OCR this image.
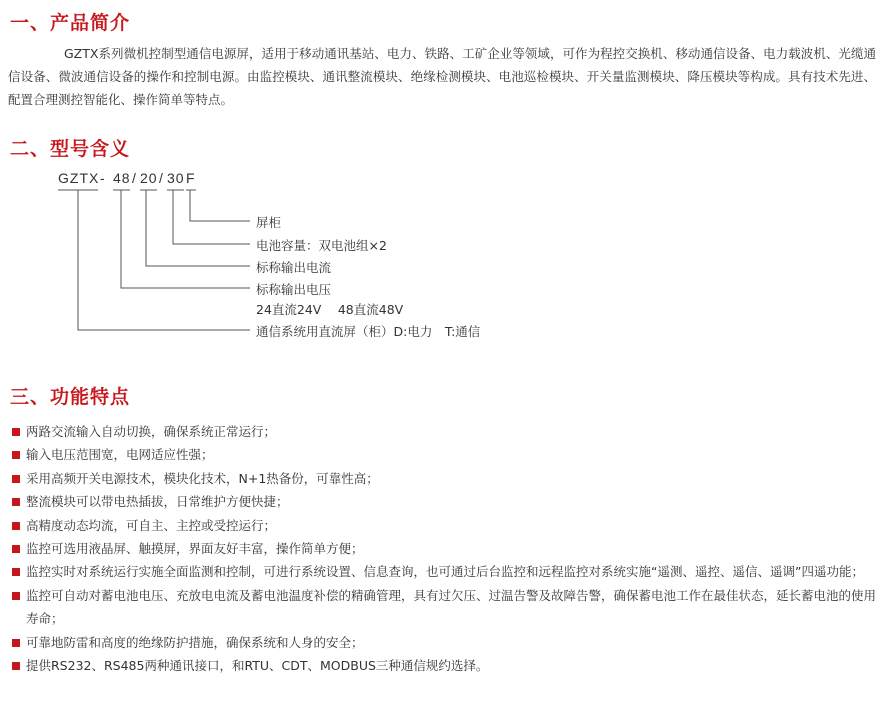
一、产品简介

GZTX系列微机控制型通信电源屏，适用于移动通讯基站、电力、铁路、工矿企业等领域，可作为程控交换机、移动通信设备、电力载波机、光缆通信设备、微波通信设备的操作和控制电源。由监控模块、通讯整流模块、绝缘检测模块、电池巡检模块、开关量监测模块、降压模块等构成。具有技术先进、配置合理测控智能化、操作简单等特点。

二、型号含义
GZTX - 48 / 20 / 30 F
屏柜
电池容量：双电池组×2
标称输出电流
标称输出电压
24直流24V　 48直流48V
通信系统用直流屏（柜）D:电力　T:通信
三、功能特点
两路交流输入自动切换，确保系统正常运行；
输入电压范围宽，电网适应性强；
采用高频开关电源技术，模块化技术，N+1热备份，可靠性高；
整流模块可以带电热插拔，日常维护方便快捷；
高精度动态均流，可自主、主控或受控运行；
监控可选用液晶屏、触摸屏，界面友好丰富，操作简单方便；
监控实时对系统运行实施全面监测和控制，可进行系统设置、信息查询，也可通过后台监控和远程监控对系统实施“遥测、遥控、遥信、遥调”四遥功能；
监控可自动对蓄电池电压、充放电电流及蓄电池温度补偿的精确管理，具有过欠压、过温告警及故障告警，确保蓄电池工作在最佳状态，延长蓄电池的使用寿命；
可靠地防雷和高度的绝缘防护措施，确保系统和人身的安全；
提供RS232、RS485两种通讯接口，和RTU、CDT、MODBUS三种通信规约选择。
